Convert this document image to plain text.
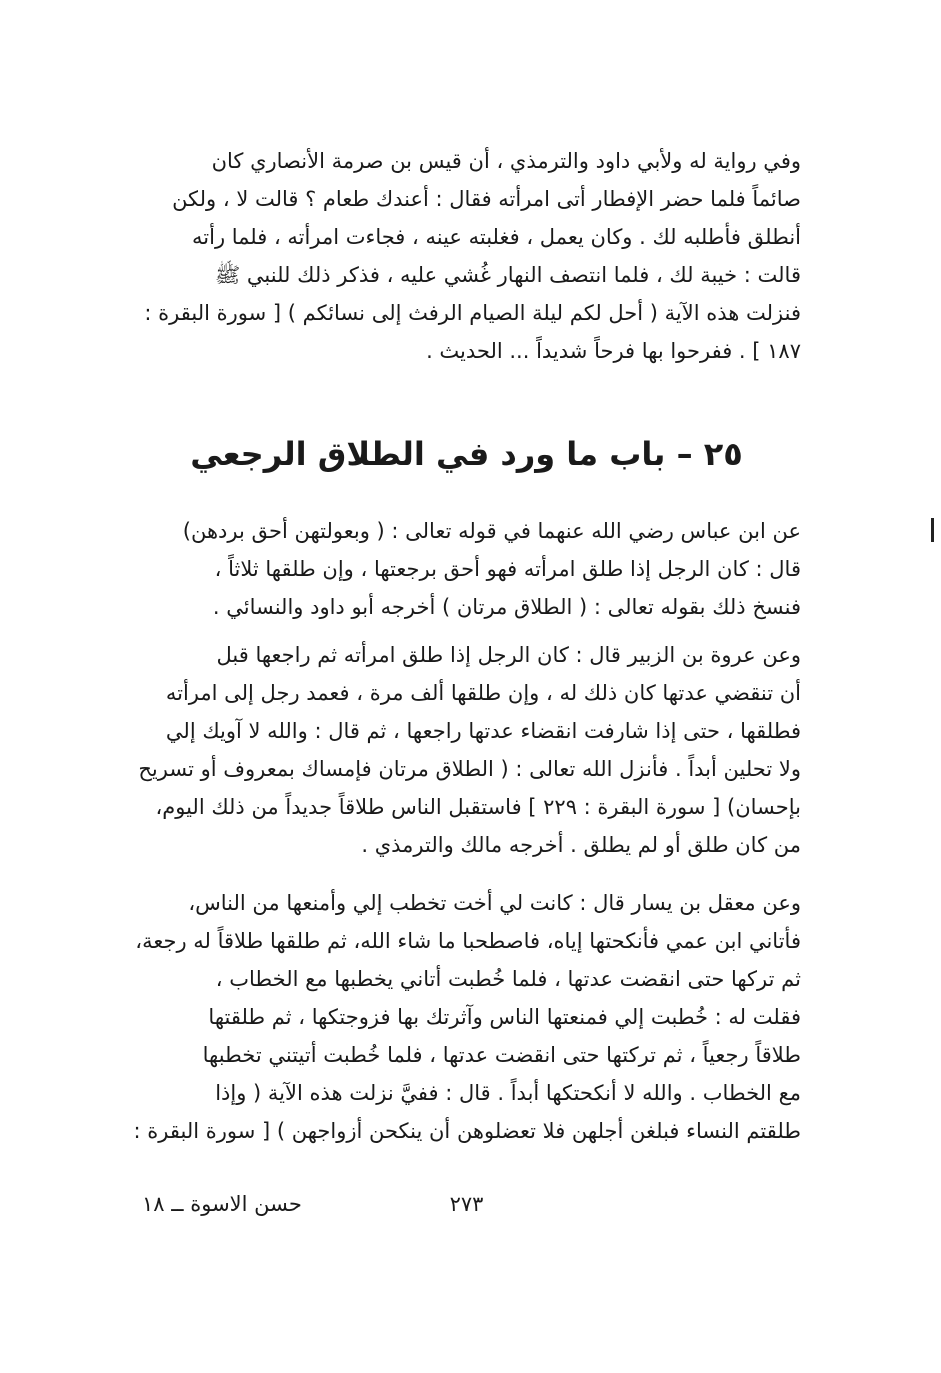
وفي رواية له ولأبي داود والترمذي ، أن قيس بن صرمة الأنصاري كان
صائماً فلما حضر الإفطار أتى امرأته فقال : أعندك طعام ؟ قالت لا ، ولكن
أنطلق فأطلبه لك . وكان يعمل ، فغلبته عينه ، فجاءت امرأته ، فلما رأته
قالت : خيبة لك ، فلما انتصف النهار غُشي عليه ، فذكر ذلك للنبي ﷺ
فنزلت هذه الآية ( أحل لكم ليلة الصيام الرفث إلى نسائكم ) [ سورة البقرة :
١٨٧ ] . ففرحوا بها فرحاً شديداً ... الحديث .
٢٥ – باب ما ورد في الطلاق الرجعي
عن ابن عباس رضي الله عنهما في قوله تعالى : ( وبعولتهن أحق بردهن)
قال : كان الرجل إذا طلق امرأته فهو أحق برجعتها ، وإن طلقها ثلاثاً ،
فنسخ ذلك بقوله تعالى : ( الطلاق مرتان ) أخرجه أبو داود والنسائي .
وعن عروة بن الزبير قال : كان الرجل إذا طلق امرأته ثم راجعها قبل
أن تنقضي عدتها كان ذلك له ، وإن طلقها ألف مرة ، فعمد رجل إلى امرأته
فطلقها ، حتى إذا شارفت انقضاء عدتها راجعها ، ثم قال : والله لا آويك إلي
ولا تحلين أبداً . فأنزل الله تعالى : ( الطلاق مرتان فإمساك بمعروف أو تسريح
بإحسان) [ سورة البقرة : ٢٢٩ ] فاستقبل الناس طلاقاً جديداً من ذلك اليوم،
من كان طلق أو لم يطلق . أخرجه مالك والترمذي .
وعن معقل بن يسار قال : كانت لي أخت تخطب إلي وأمنعها من الناس،
فأتاني ابن عمي فأنكحتها إياه، فاصطحبا ما شاء الله، ثم طلقها طلاقاً له رجعة،
ثم تركها حتى انقضت عدتها ، فلما خُطبت أتاني يخطبها مع الخطاب ،
فقلت له : خُطبت إلي فمنعتها الناس وآثرتك بها فزوجتكها ، ثم طلقتها
طلاقاً رجعياً ، ثم تركتها حتى انقضت عدتها ، فلما خُطبت أتيتني تخطبها
مع الخطاب . والله لا أنكحتكها أبداً . قال : ففيَّ نزلت هذه الآية ( وإذا
طلقتم النساء فبلغن أجلهن فلا تعضلوهن أن ينكحن أزواجهن ) [ سورة البقرة :
٢٧٣
حسن الاسوة ــ ١٨
